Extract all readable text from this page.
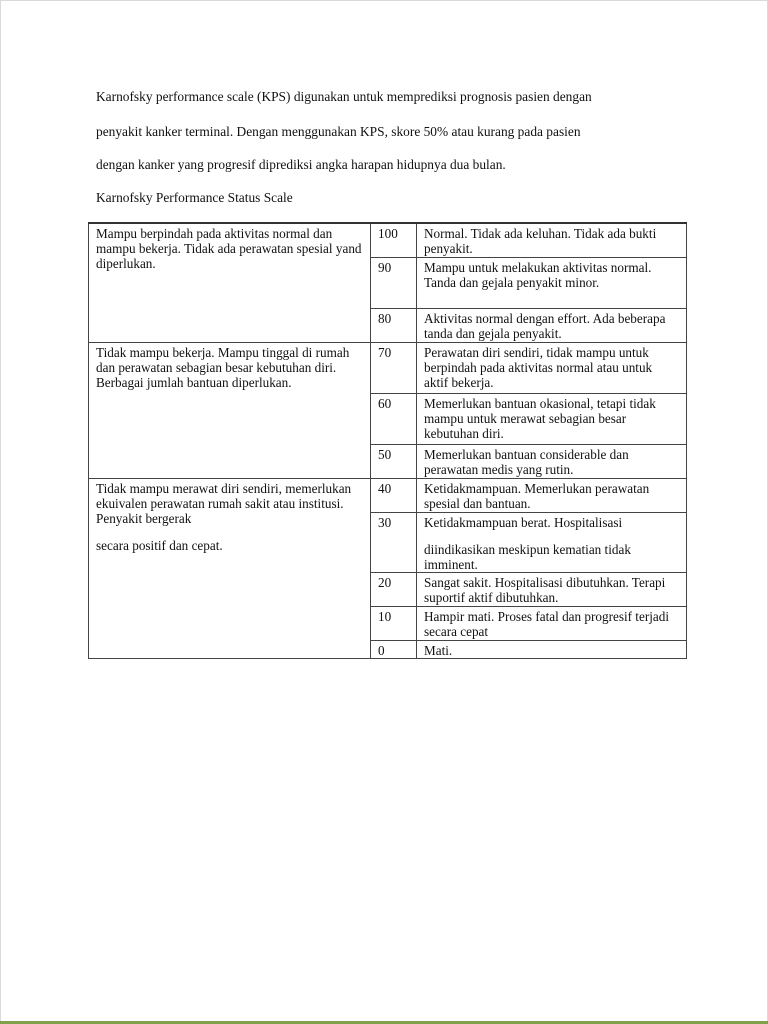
Karnofsky performance scale (KPS) digunakan untuk memprediksi prognosis pasien dengan
penyakit kanker terminal. Dengan menggunakan KPS, skore 50% atau kurang pada pasien
dengan kanker yang progresif diprediksi angka harapan hidupnya dua bulan.
Karnofsky Performance Status Scale
Mampu berpindah pada aktivitas normal dan mampu bekerja. Tidak ada perawatan spesial yand diperlukan.	100	Normal. Tidak ada keluhan. Tidak ada bukti penyakit.
	90	Mampu untuk melakukan aktivitas normal. Tanda dan gejala penyakit minor.
	80	Aktivitas normal dengan effort. Ada beberapa tanda dan gejala penyakit.
Tidak mampu bekerja. Mampu tinggal di rumah dan perawatan sebagian besar kebutuhan diri. Berbagai jumlah bantuan diperlukan.	70	Perawatan diri sendiri, tidak mampu untuk berpindah pada aktivitas normal atau untuk aktif bekerja.
	60	Memerlukan bantuan okasional, tetapi tidak mampu untuk merawat sebagian besar kebutuhan diri.
	50	Memerlukan bantuan considerable dan perawatan medis yang rutin.
Tidak mampu merawat diri sendiri, memerlukan ekuivalen perawatan rumah sakit atau institusi. Penyakit bergerak
secara positif dan cepat.	40	Ketidakmampuan. Memerlukan perawatan spesial dan bantuan.
	30	Ketidakmampuan berat. Hospitalisasi
diindikasikan meskipun kematian tidak imminent.

	20	Sangat sakit. Hospitalisasi dibutuhkan. Terapi suportif aktif dibutuhkan.
	10	Hampir mati. Proses fatal dan progresif terjadi secara cepat
	0	Mati.
